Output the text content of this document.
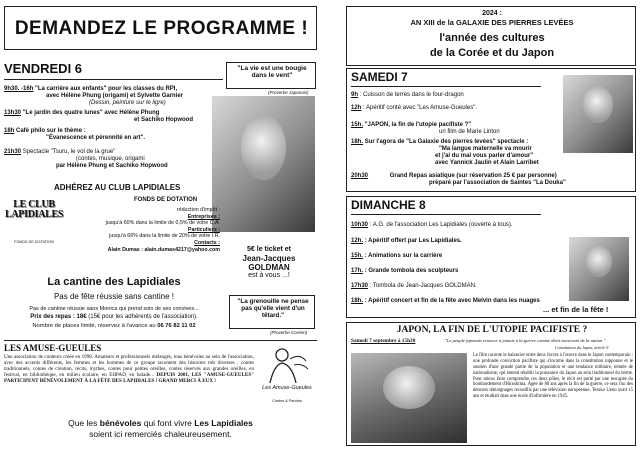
DEMANDEZ LE PROGRAMME !
VENDREDI 6
9h30. -16h "La carrière aux enfants" pour les classes du RPI,
avec Hélène Phung (origami) et Sylvette Garnier
(Dessin, peinture sur le ligre)
13h30 "Le jardin des quatre lunes" avec Hélène Phung
et Sachiko Hopwood
18h Café philo sur le thème :
"Évanescence et pérennité en art".
21h30 Spectacle "Tsuru, le vol de la grue"
(contes, musique, origami
par Hélène Phung et Sachiko Hopwood
"La vie est une bougie dans le vent"
(Proverbe Japonais)
LE CLUB LAPIDIALES
FONDS DE DOTATION
ADHÉREZ AU CLUB LAPIDIALES
FONDS DE DOTATION
réduction d'impôt :
Entreprises :
jusqu'à 60% dans la limite de 0,5% de votre C.A.
Particuliers :
jusqu'à 66% dans la limite de 20% de votre I.R.
Contacts :
Alain Dumas : alain.dumas4217@yahoo.com	5€ le ticket et
Jean-Jacques
GOLDMAN
est à vous ...!
La cantine des Lapidiales
Pas de fête réussie sans cantine !
Pas de cantine réussie sans Monica qui prend soin de ses convives...
Prix des repas : 18€ (15€ pour les adhérents de l'association).
Nombre de places limité, réservez à l'avance au 06 76 82 11 02
"La grenouille ne pense pas qu'elle vient d'un têtard."
(Proverbe Coréen)
LES AMUSE-GUEULES
Une association de conteurs créée en 1998. Amateurs et professionnels mélangés, tous bénévoles au sein de l'association, avec des accents différents, les femmes et les hommes de ce groupe racontent des histoires très diverses : contes traditionnels, contes de création, récits, mythes, contes pour petites oreilles, contes réservés aux grandes oreilles, en festival, en bibliothèque, en milieu scolaire, en EHPAD, en balade... DEPUIS 2001, LES "AMUSE-GUEULES" PARTICIPENT BÉNÉVOLEMENT À LA FÊTE DES LAPIDIALES ! GRAND MERCI À EUX !
Les Amuse-Gueules
Contes & Paroles
Que les bénévoles qui font vivre Les Lapidiales
soient ici remerciés chaleureusement.
2024 :
AN XIII de la GALAXIE DES PIERRES LEVÉES
l'année des cultures
de la Corée et du Japon
SAMEDI 7
9h : Cuisson de terres dans le four-dragon
12h : Apéritif conté avec "Les Amuse-Gueules".
15h. "JAPON, la fin de l'utopie pacifiste ?"
un film de Marie Linton
18h. Sur l'agora de "La Galaxie des pierres levées" spectacle :
"Ma langue maternelle va mourir
et j'ai du mal vous parler d'amour"
avec Yannick Jaulin et Alain Larribet
20h30	Grand Repas asiatique (sur réservation 25 € par personne)
préparé par l'association de Saintes "La Douka"
DIMANCHE 8
10h30 : A.G. de l'association Les Lapidiales (ouverte à tous).
12h. : Apéritif offert par Les Lapidiales.
15h. : Animations sur la carrière
17h. : Grande tombola des sculpteurs
17h30 : Tombola de Jean-Jacques GOLDMAN.
18h. : Apéritif concert et fin de la fête avec Melvin dans les nuages
... et fin de la fête !
JAPON, LA FIN DE L'UTOPIE PACIFISTE ?
Samedi 7 septembre à 15h30	"Le peuple japonais renonce à jamais à la guerre comme droit souverain de la nation "
Constitution du Japon, article 9
Le film raconte le balancier entre deux forces à l'œuvre dans le Japon contemporain : une profonde conviction pacifiste qui s'incarne dans la constitution nipponne et le soutien d'une grande partie de la population et une tendance militaire, teintée de nationalisme, qui entend rétablir la puissance du Japon au sein traditionnel du terme. Pour mieux faire comprendre ces deux pôles, le récit est porté par une rescapée du bombardement d'Hiroshima. Âgée de 80 ans après la fin de la guerre, ce sera l'un des derniers témoignages recueillis par une télévision européenne. Teruko Ueno avait 15 ans et étudiait dans une école d'infirmière en 1945.
